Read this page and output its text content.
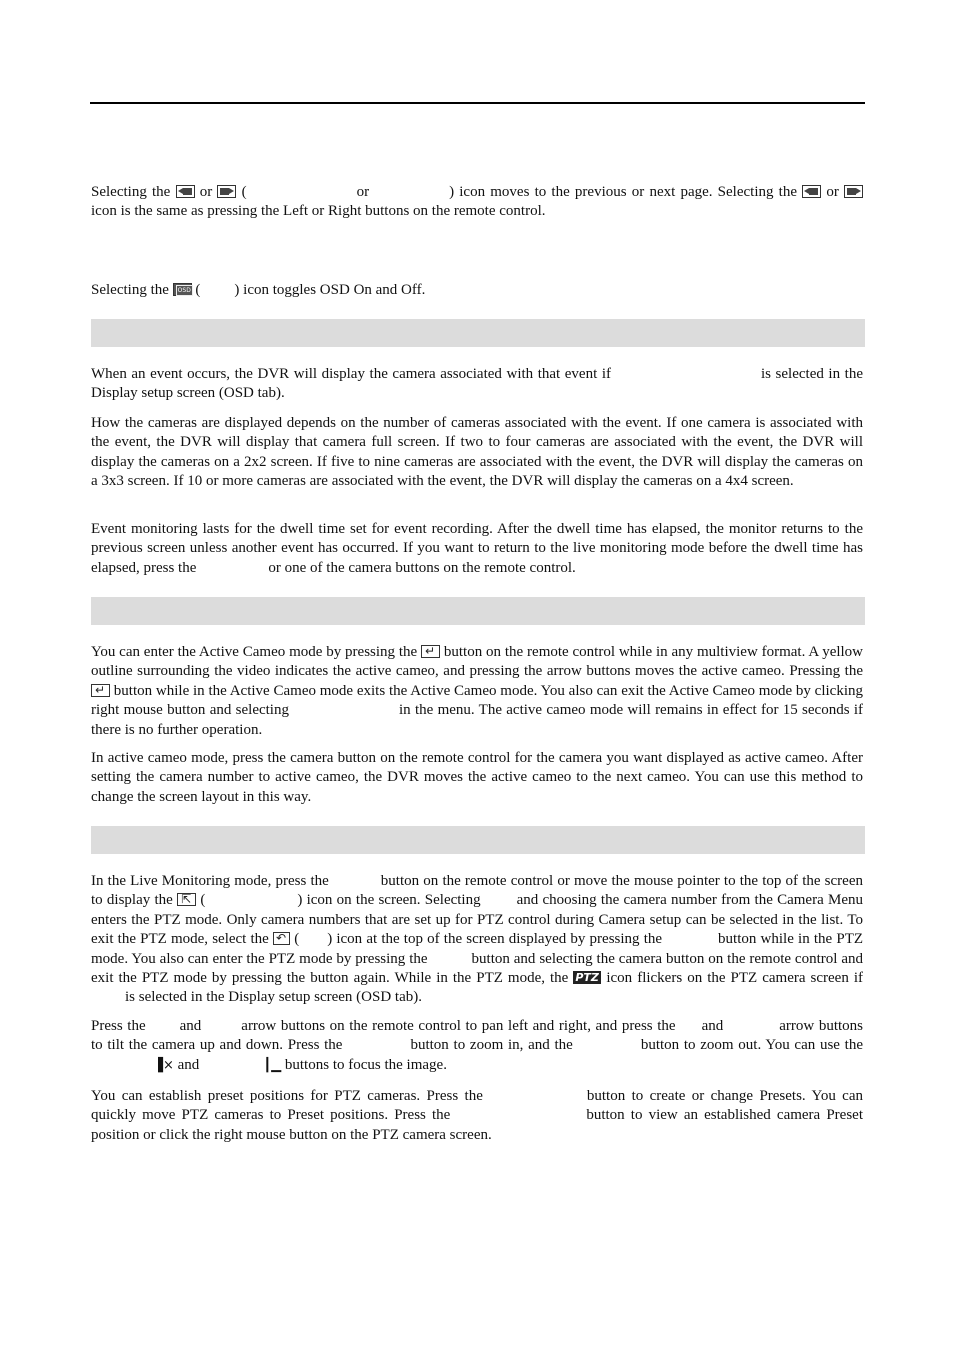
Selecting the or (	or	) icon moves to the previous or next page. Selecting the or  icon is the same as pressing the Left or Right buttons on the remote control.

Selecting the OSD ( ) icon toggles OSD On and Off.

When an event occurs, the DVR will display the camera associated with that event if	is selected in the Display setup screen (OSD tab).

How the cameras are displayed depends on the number of cameras associated with the event. If one camera is associated with the event, the DVR will display that camera full screen. If two to four cameras are associated with the event, the DVR will display the cameras on a 2x2 screen. If five to nine cameras are associated with the event, the DVR will display the cameras on a 3x3 screen. If 10 or more cameras are associated with the event, the DVR will display the cameras on a 4x4 screen.

Event monitoring lasts for the dwell time set for event recording. After the dwell time has elapsed, the monitor returns to the previous screen unless another event has occurred. If you want to return to the live monitoring mode before the dwell time has elapsed, press the	or one of the camera buttons on the remote control.

You can enter the Active Cameo mode by pressing the ↵ button on the remote control while in any multiview format. A yellow outline surrounding the video indicates the active cameo, and pressing the arrow buttons moves the active cameo. Pressing the ↵ button while in the Active Cameo mode exits the Active Cameo mode. You also can exit the Active Cameo mode by clicking right mouse button and selecting	in the menu. The active cameo mode will remains in effect for 15 seconds if there is no further operation.

In active cameo mode, press the camera button on the remote control for the camera you want displayed as active cameo. After setting the camera number to active cameo, the DVR moves the active cameo to the next cameo. You can use this method to change the screen layout in this way.

In the Live Monitoring mode, press the	button on the remote control or move the mouse pointer to the top of the screen to display the ⇱ (	) icon on the screen. Selecting and choosing the camera number from the Camera Menu enters the PTZ mode. Only camera numbers that are set up for PTZ control during Camera setup can be selected in the list. To exit the PTZ mode, select the ↶ ( ) icon at the top of the screen displayed by pressing the	button while in the PTZ mode. You also can enter the PTZ mode by pressing the	button and selecting the camera button on the remote control and exit the PTZ mode by pressing the button again. While in the PTZ mode, the PTZ	icon flickers on the PTZ camera screen ifis selected in the Display setup screen (OSD tab).

Press the and	arrow buttons on the remote control to pan left and right, and press the and	arrow buttons to tilt the camera up and down. Press the	button to zoom in, and the	button to zoom out. You can use the▐× and	┃▁ buttons to focus the image.

You can establish preset positions for PTZ cameras. Press the	button to create or change Presets. You can quickly move PTZ cameras to Preset positions. Press the	button to view an established camera Preset position or click the right mouse button on the PTZ camera screen.
